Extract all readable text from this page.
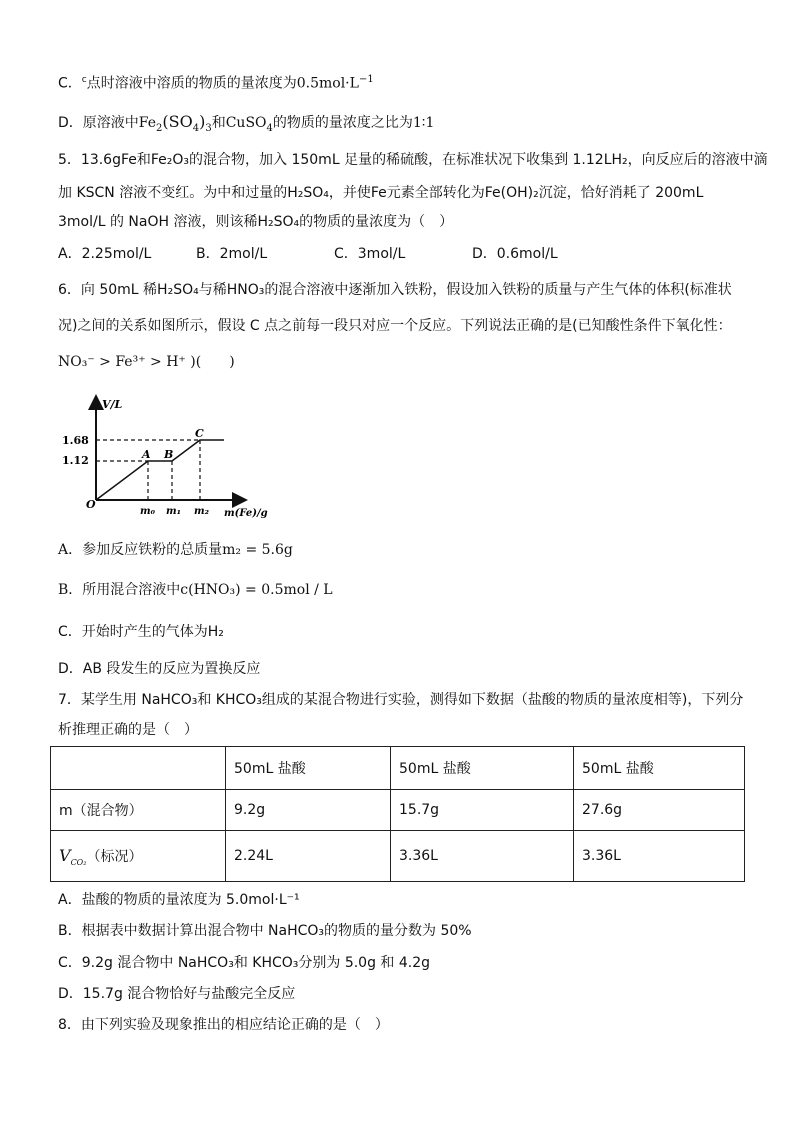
C．$^c$点时溶液中溶质的物质的量浓度为$0.5mol\cdot L^{-1}$
D．原溶液中$Fe_2(SO_4)_3$和CuSO$_4$的物质的量浓度之比为1∶1
5．13.6gFe和Fe₂O₃的混合物，加入 150mL 足量的稀硫酸，在标准状况下收集到 1.12LH₂，向反应后的溶液中滴
加 KSCN 溶液不变红。为中和过量的H₂SO₄，并使Fe元素全部转化为Fe(OH)₂沉淀，恰好消耗了 200mL
3mol/L 的 NaOH 溶液，则该稀H₂SO₄的物质的量浓度为（　）
A．2.25mol/L	B．2mol/L	C．3mol/L	D．0.6mol/L
6．向 50mL 稀H₂SO₄与稀HNO₃的混合溶液中逐渐加入铁粉，假设加入铁粉的质量与产生气体的体积(标准状
况)之间的关系如图所示，假设 C 点之前每一段只对应一个反应。下列说法正确的是(已知酸性条件下氧化性：
NO₃⁻ > Fe³⁺ > H⁺ )(　　)
V/L
m(Fe)/g
O
1.68
1.12	A B
C
m₀ m₁ m₂
A．参加反应铁粉的总质量m₂ = 5.6g
B．所用混合溶液中c(HNO₃) = 0.5mol / L
C．开始时产生的气体为H₂
D．AB 段发生的反应为置换反应
7．某学生用 NaHCO₃和 KHCO₃组成的某混合物进行实验，测得如下数据（盐酸的物质的量浓度相等)，下列分
析推理正确的是（　）
	50mL 盐酸	50mL 盐酸	50mL 盐酸
m（混合物）	9.2g	15.7g	27.6g
$V_{CO_2}$（标况）	2.24L	3.36L	3.36L
A．盐酸的物质的量浓度为 5.0mol·L⁻¹
B．根据表中数据计算出混合物中 NaHCO₃的物质的量分数为 50%
C．9.2g 混合物中 NaHCO₃和 KHCO₃分别为 5.0g 和 4.2g
D．15.7g 混合物恰好与盐酸完全反应
8．由下列实验及现象推出的相应结论正确的是（　）
